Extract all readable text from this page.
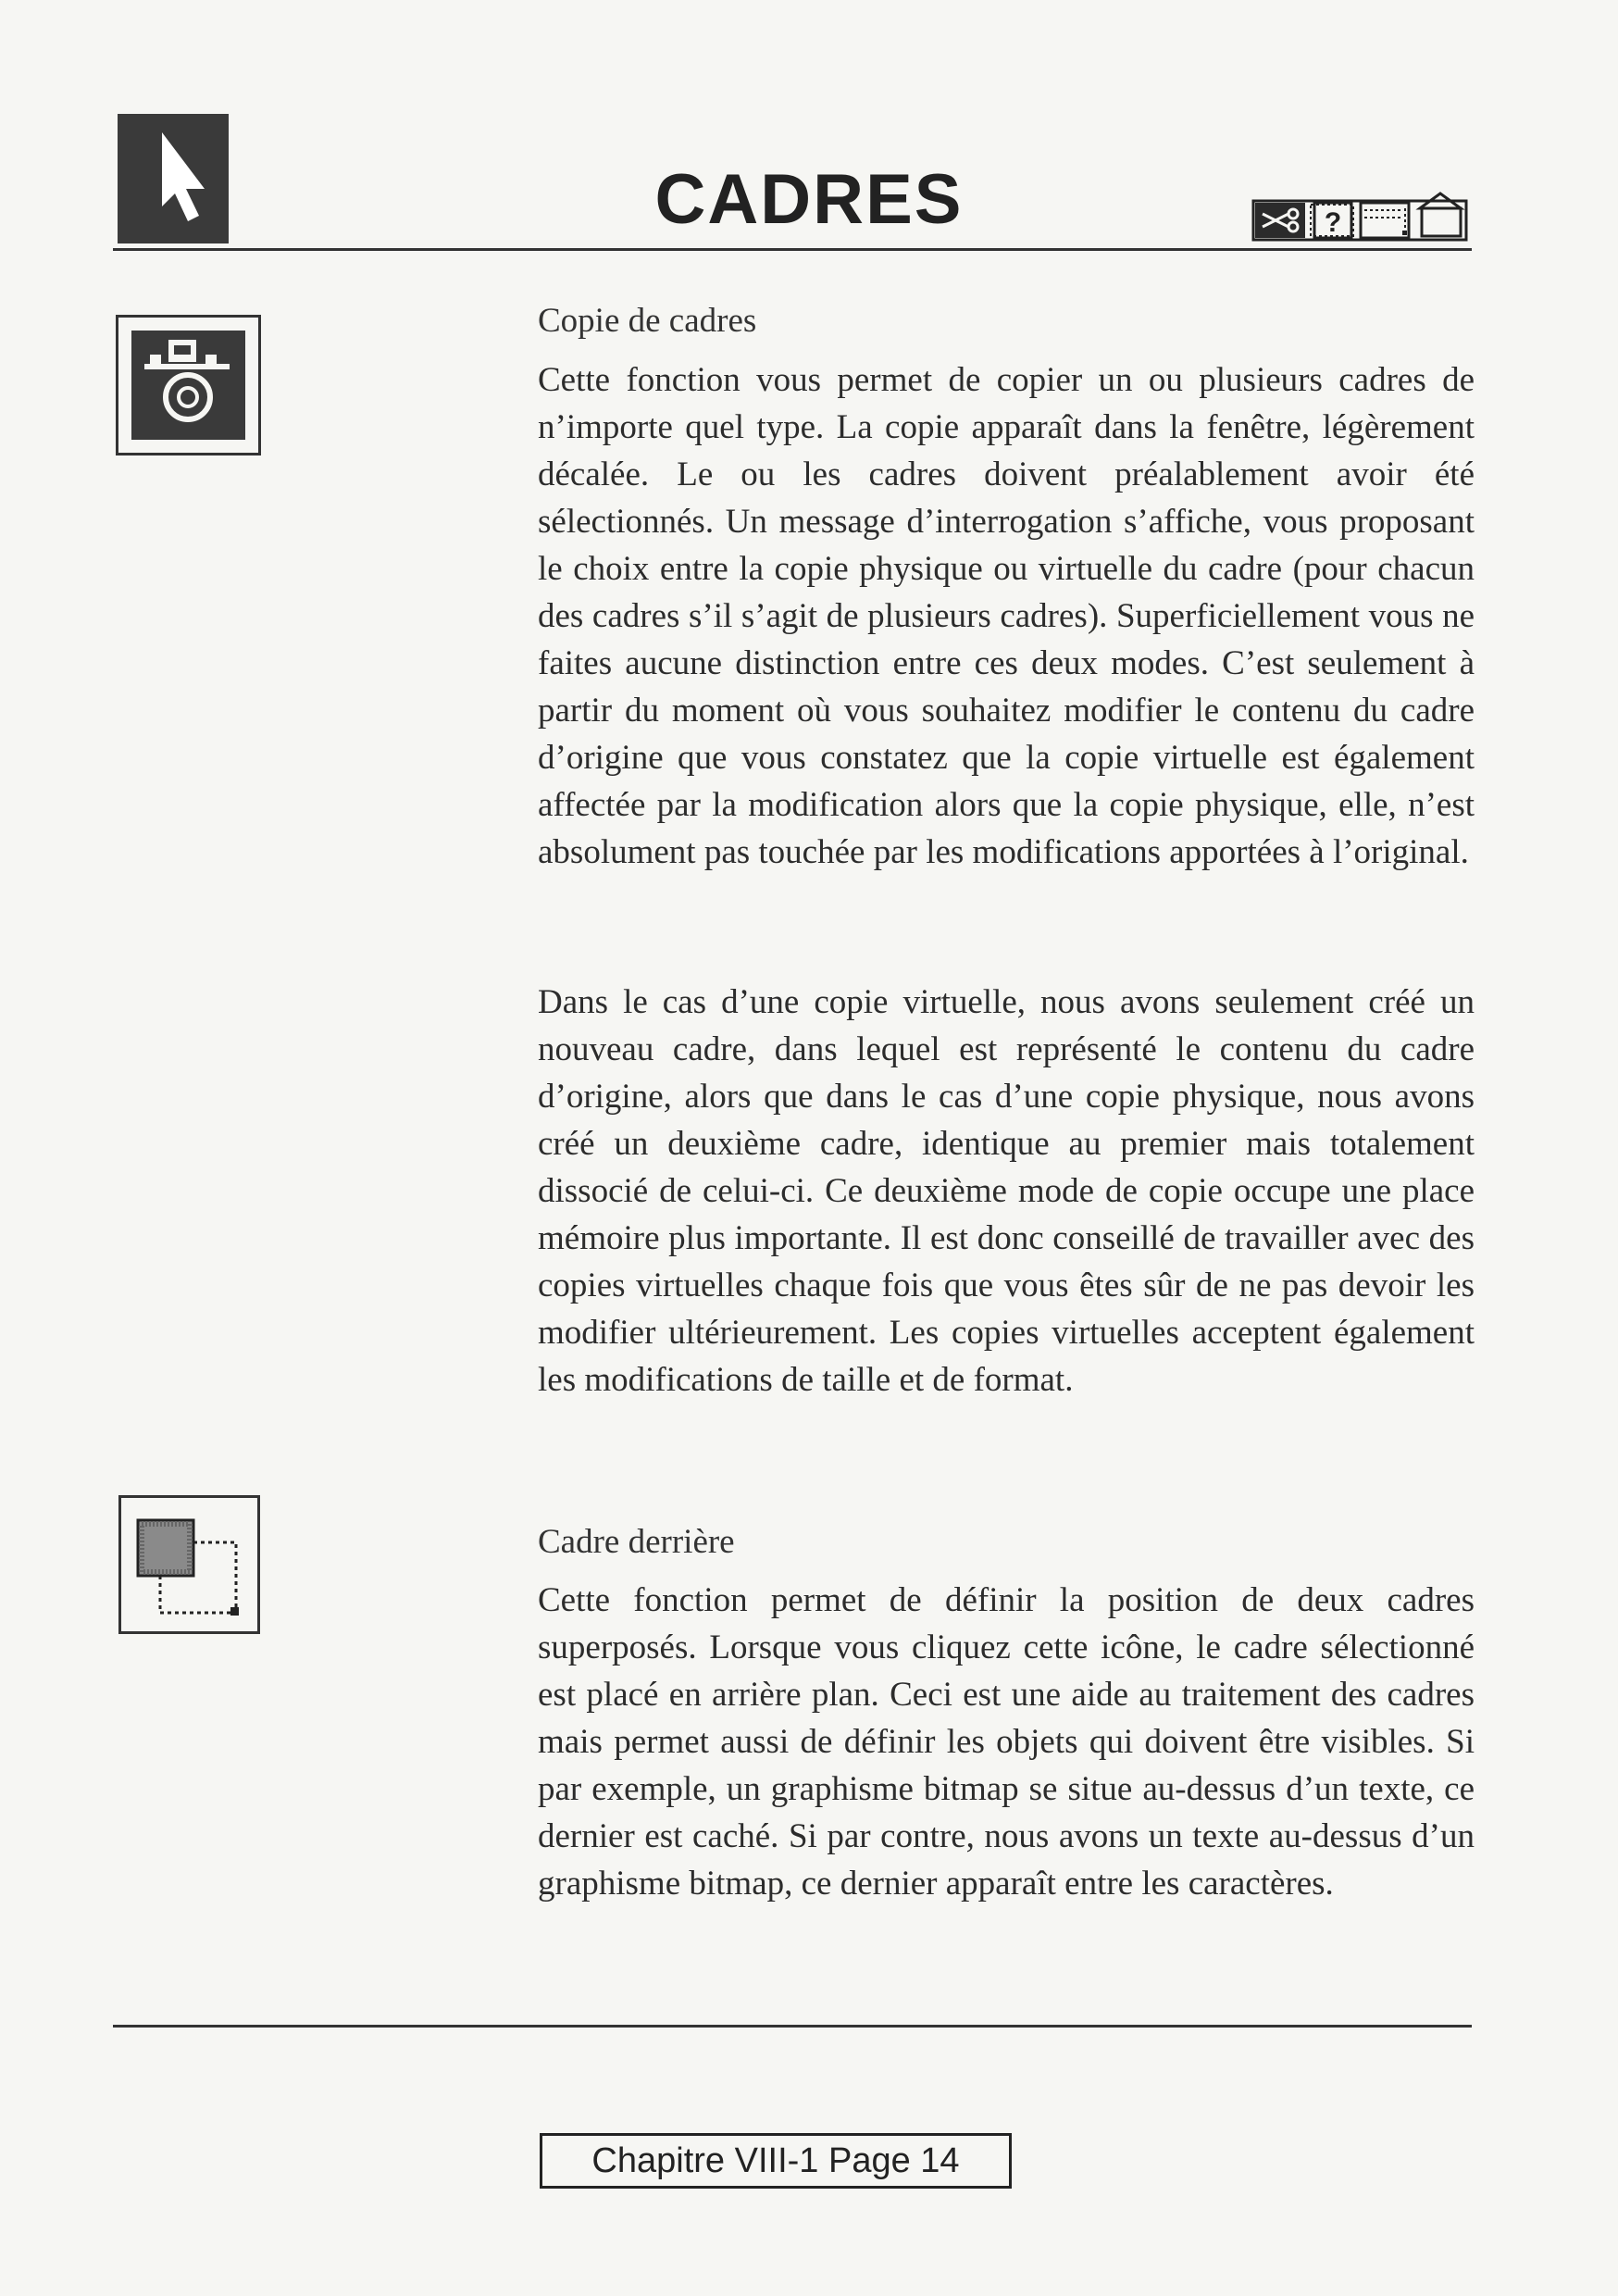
CADRES	?
Copie de cadres

Cette fonction vous permet de copier un ou plusieurs cadres de n’importe quel type. La copie apparaît dans la fenêtre, légèrement décalée. Le ou les cadres doivent préalablement avoir été sélectionnés. Un message d’interrogation s’affiche, vous proposant le choix entre la copie physique ou virtuelle du cadre (pour chacun des cadres s’il s’agit de plusieurs cadres). Superficiellement vous ne faites aucune distinction entre ces deux modes. C’est seulement à partir du moment où vous souhaitez modifier le contenu du cadre d’origine que vous constatez que la copie virtuelle est également affectée par la modification alors que la copie physique, elle, n’est absolument pas touchée par les modifications apportées à l’original.

Dans le cas d’une copie virtuelle, nous avons seulement créé un nouveau cadre, dans lequel est représenté le contenu du cadre d’origine, alors que dans le cas d’une copie physique, nous avons créé un deuxième cadre, identique au premier mais totalement dissocié de celui-ci. Ce deuxième mode de copie occupe une place mémoire plus importante. Il est donc conseillé de travailler avec des copies virtuelles chaque fois que vous êtes sûr de ne pas devoir les modifier ultérieurement. Les copies virtuelles acceptent également les modifications de taille et de format.

Cadre derrière

Cette fonction permet de définir la position de deux cadres superposés. Lorsque vous cliquez cette icône, le cadre sélectionné est placé en arrière plan. Ceci est une aide au traitement des cadres mais permet aussi de définir les objets qui doivent être visibles. Si par exemple, un graphisme bitmap se situe au-dessus d’un texte, ce dernier est caché. Si par contre, nous avons un texte au-dessus d’un graphisme bitmap, ce dernier apparaît entre les caractères.

Chapitre VIII-1 Page 14
